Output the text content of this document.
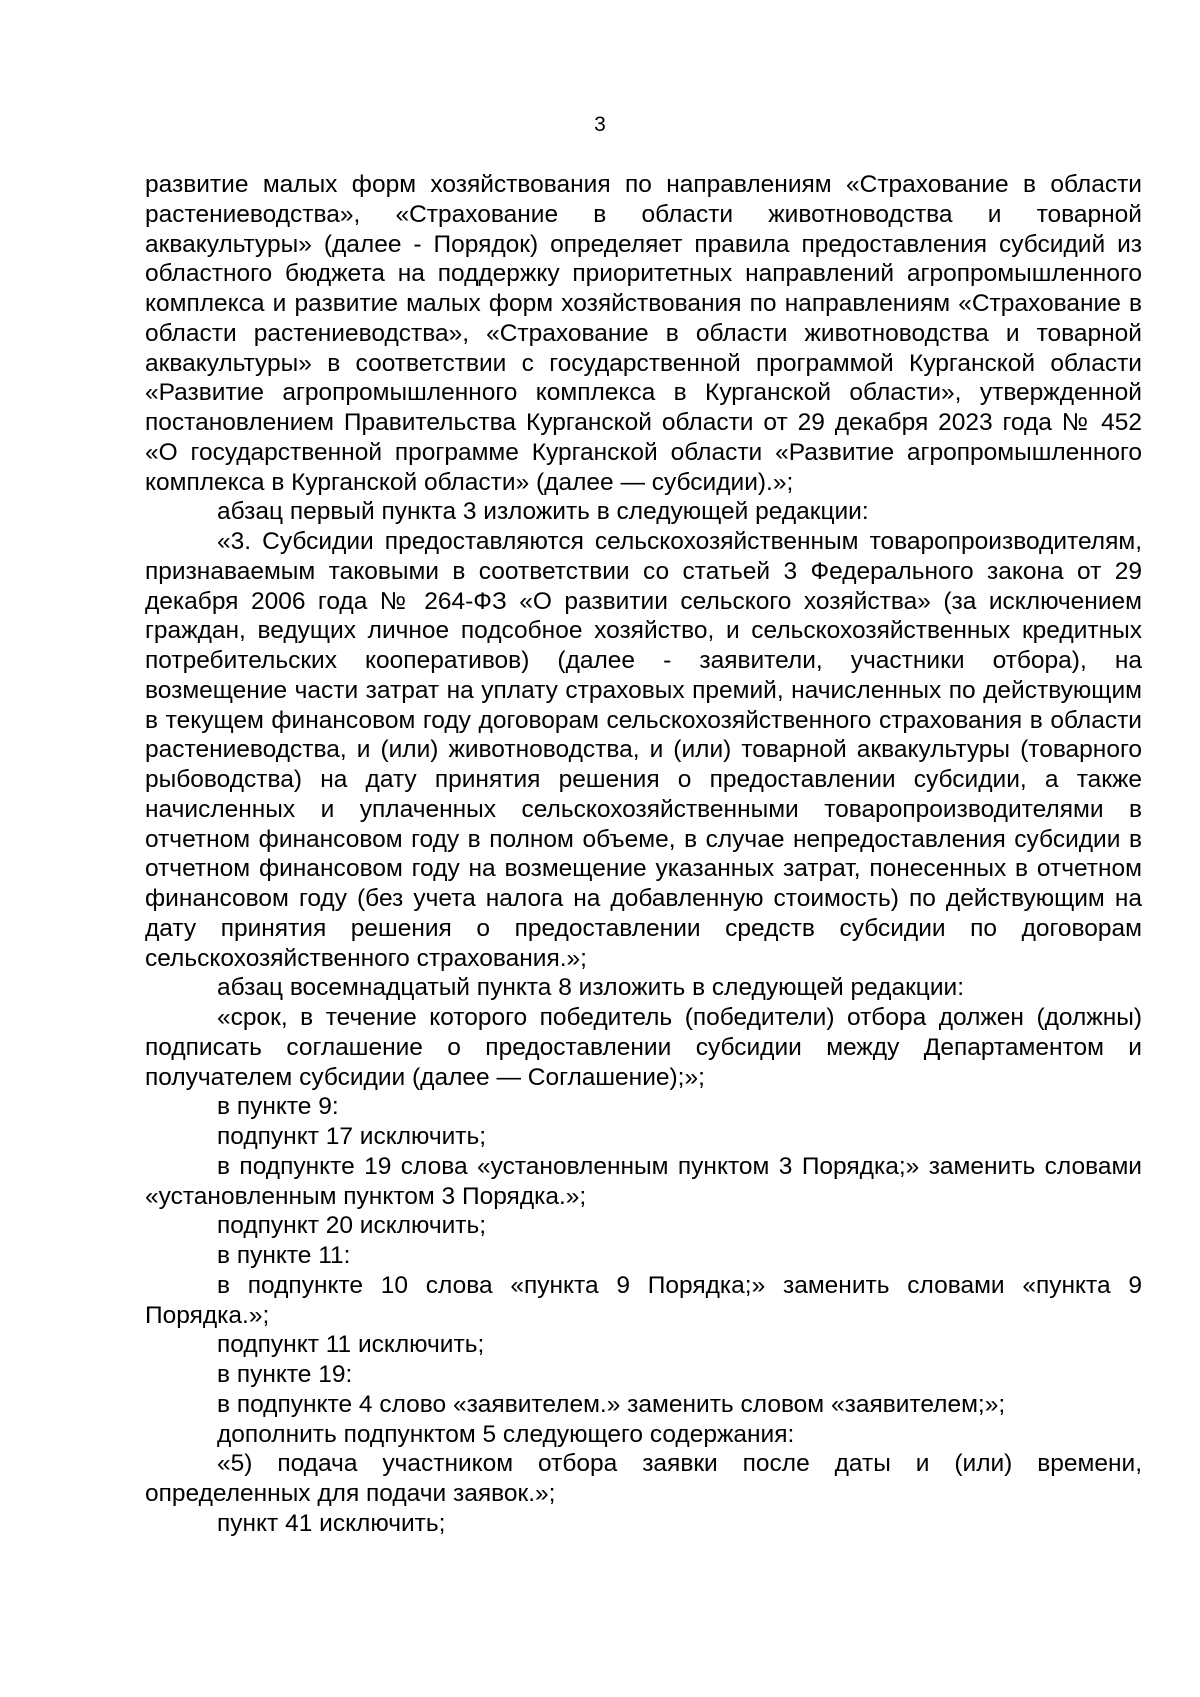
3

развитие малых форм хозяйствования по направлениям «Страхование в области растениеводства», «Страхование в области животноводства и товарной аквакультуры» (далее - Порядок) определяет правила предоставления субсидий из областного бюджета на поддержку приоритетных направлений агропромышленного комплекса и развитие малых форм хозяйствования по направлениям «Страхование в области растениеводства», «Страхование в области животноводства и товарной аквакультуры» в соответствии с государственной программой Курганской области «Развитие агропромышленного комплекса в Курганской области», утвержденной постановлением Правительства Курганской области от 29 декабря 2023 года № 452 «О государственной программе Курганской области «Развитие агропромышленного комплекса в Курганской области» (далее — субсидии).»;

абзац первый пункта 3 изложить в следующей редакции:

«3. Субсидии предоставляются сельскохозяйственным товаропроизводителям, признаваемым таковыми в соответствии со статьей 3 Федерального закона от 29 декабря 2006 года № 264-ФЗ «О развитии сельского хозяйства» (за исключением граждан, ведущих личное подсобное хозяйство, и сельскохозяйственных кредитных потребительских кооперативов) (далее - заявители, участники отбора), на возмещение части затрат на уплату страховых премий, начисленных по действующим в текущем финансовом году договорам сельскохозяйственного страхования в области растениеводства, и (или) животноводства, и (или) товарной аквакультуры (товарного рыбоводства) на дату принятия решения о предоставлении субсидии, а также начисленных и уплаченных сельскохозяйственными товаропроизводителями в отчетном финансовом году в полном объеме, в случае непредоставления субсидии в отчетном финансовом году на возмещение указанных затрат, понесенных в отчетном финансовом году (без учета налога на добавленную стоимость) по действующим на дату принятия решения о предоставлении средств субсидии по договорам сельскохозяйственного страхования.»;

абзац восемнадцатый пункта 8 изложить в следующей редакции:

«срок, в течение которого победитель (победители) отбора должен (должны) подписать соглашение о предоставлении субсидии между Департаментом и получателем субсидии (далее — Соглашение);»;

в пункте 9:

подпункт 17 исключить;

в подпункте 19 слова «установленным пунктом 3 Порядка;» заменить словами «установленным пунктом 3 Порядка.»;

подпункт 20 исключить;

в пункте 11:

в подпункте 10 слова «пункта 9 Порядка;» заменить словами «пункта 9 Порядка.»;

подпункт 11 исключить;

в пункте 19:

в подпункте 4 слово «заявителем.» заменить словом «заявителем;»;

дополнить подпунктом 5 следующего содержания:

«5) подача участником отбора заявки после даты и (или) времени, определенных для подачи заявок.»;

пункт 41 исключить;
